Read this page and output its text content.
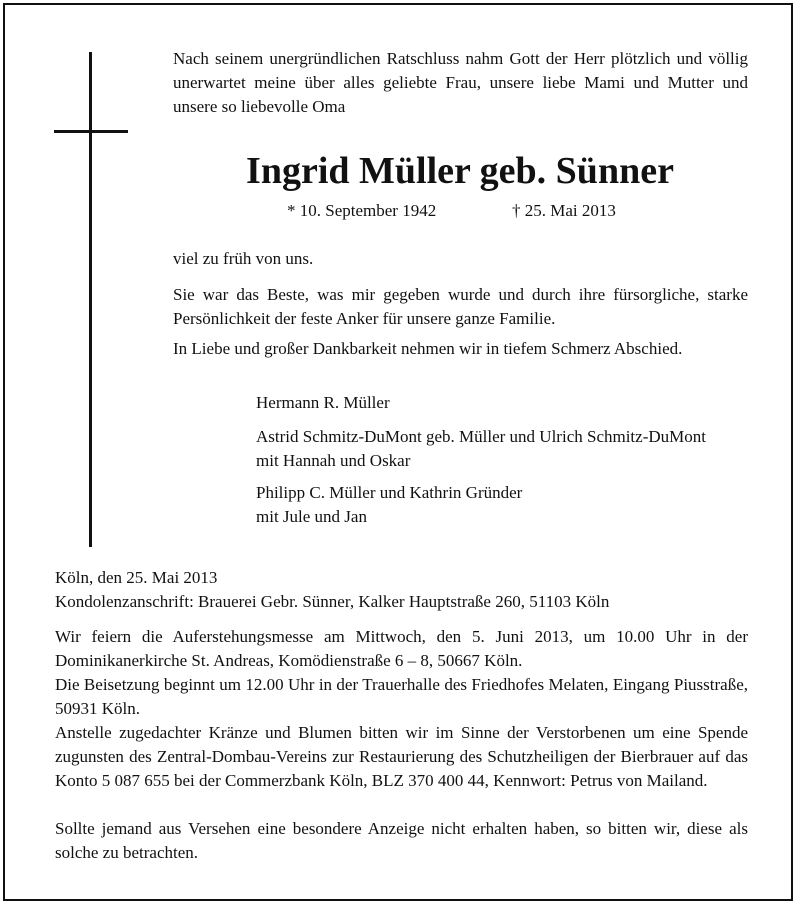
Nach seinem unergründlichen Ratschluss nahm Gott der Herr plötzlich und völlig unerwartet meine über alles geliebte Frau, unsere liebe Mami und Mutter und unsere so liebevolle Oma

Ingrid Müller geb. Sünner
* 10. September 1942	† 25. Mai 2013

viel zu früh von uns.

Sie war das Beste, was mir gegeben wurde und durch ihre fürsorgliche, starke Persönlichkeit der feste Anker für unsere ganze Familie.

In Liebe und großer Dankbarkeit nehmen wir in tiefem Schmerz Abschied.

Hermann R. Müller

Astrid Schmitz-DuMont geb. Müller und Ulrich Schmitz-DuMont

mit Hannah und Oskar

Philipp C. Müller und Kathrin Gründer

mit Jule und Jan

Köln, den 25. Mai 2013

Kondolenzanschrift: Brauerei Gebr. Sünner, Kalker Hauptstraße 260, 51103 Köln

Wir feiern die Auferstehungsmesse am Mittwoch, den 5. Juni 2013, um 10.00 Uhr in der Dominikanerkirche St. Andreas, Komödienstraße 6 – 8, 50667 Köln.

Die Beisetzung beginnt um 12.00 Uhr in der Trauerhalle des Friedhofes Melaten, Eingang Piusstraße, 50931 Köln.

Anstelle zugedachter Kränze und Blumen bitten wir im Sinne der Verstorbenen um eine Spende zugunsten des Zentral-Dombau-Vereins zur Restaurierung des Schutzheiligen der Bierbrauer auf das Konto 5 087 655 bei der Commerzbank Köln, BLZ 370 400 44, Kennwort: Petrus von Mailand.

Sollte jemand aus Versehen eine besondere Anzeige nicht erhalten haben, so bitten wir, diese als solche zu betrachten.
